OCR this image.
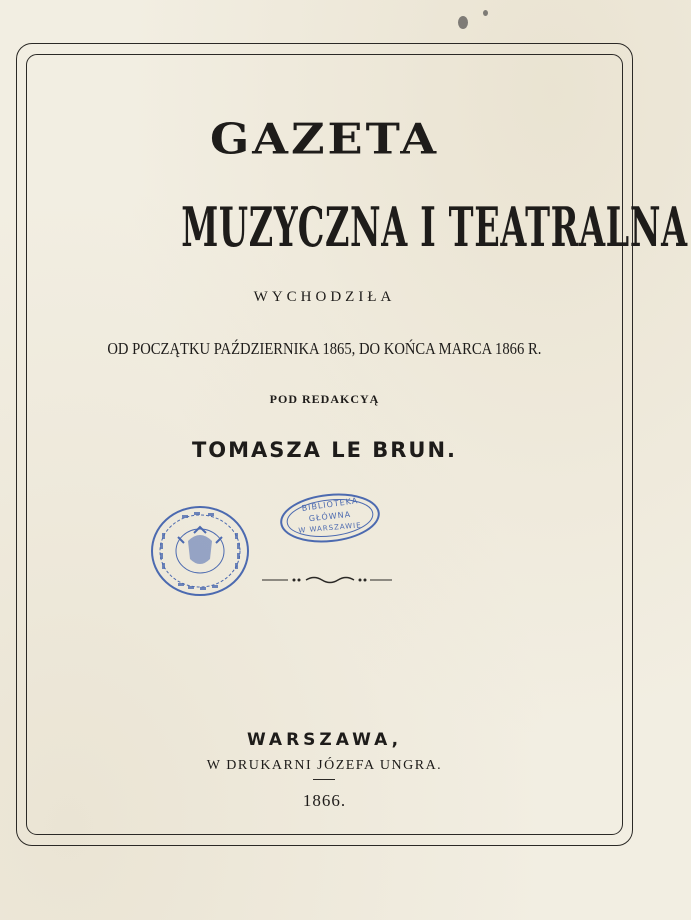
GAZETA
MUZYCZNA I TEATRALNA
WYCHODZIŁA
OD POCZĄTKU PAŹDZIERNIKA 1865, DO KOŃCA MARCA 1866 R.
POD REDAKCYĄ
TOMASZA LE BRUN.
BIBLIOTEKA
GŁÓWNA
W WARSZAWIE
WARSZAWA,
W DRUKARNI JÓZEFA UNGRA.
1866.
